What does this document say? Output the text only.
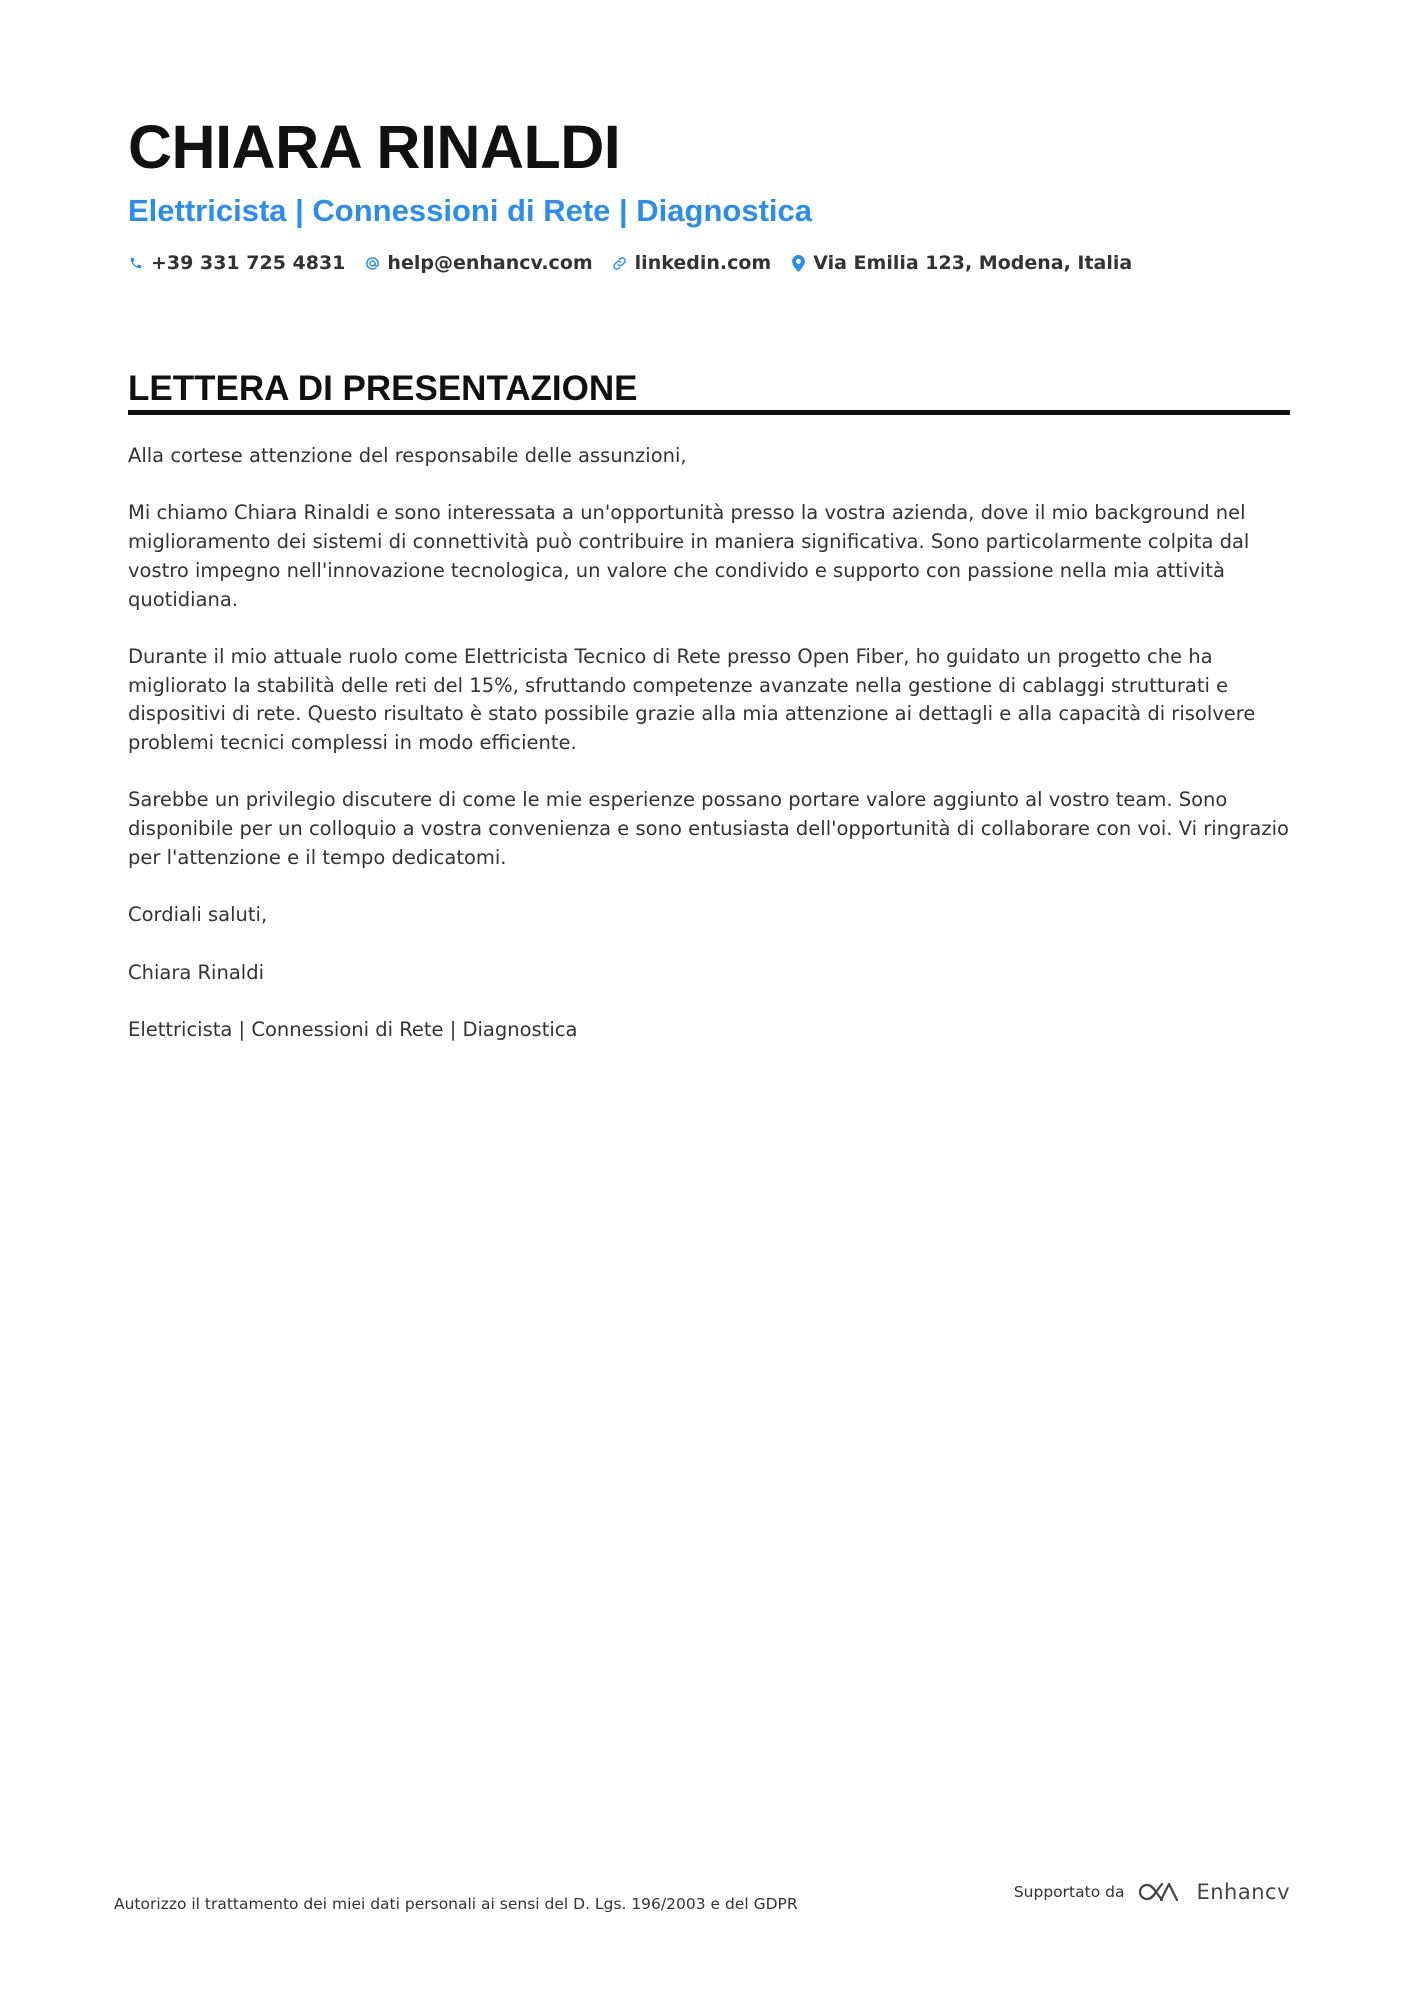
CHIARA RINALDI
Elettricista | Connessioni di Rete | Diagnostica
+39 331 725 4831 help@enhancv.com linkedin.com Via Emilia 123, Modena, Italia
LETTERA DI PRESENTAZIONE

Alla cortese attenzione del responsabile delle assunzioni,

Mi chiamo Chiara Rinaldi e sono interessata a un'opportunità presso la vostra azienda, dove il mio background nel miglioramento dei sistemi di connettività può contribuire in maniera significativa. Sono particolarmente colpita dal vostro impegno nell'innovazione tecnologica, un valore che condivido e supporto con passione nella mia attività quotidiana.

Durante il mio attuale ruolo come Elettricista Tecnico di Rete presso Open Fiber, ho guidato un progetto che ha migliorato la stabilità delle reti del 15%, sfruttando competenze avanzate nella gestione di cablaggi strutturati e dispositivi di rete. Questo risultato è stato possibile grazie alla mia attenzione ai dettagli e alla capacità di risolvere problemi tecnici complessi in modo efficiente.

Sarebbe un privilegio discutere di come le mie esperienze possano portare valore aggiunto al vostro team. Sono disponibile per un colloquio a vostra convenienza e sono entusiasta dell'opportunità di collaborare con voi. Vi ringrazio per l'attenzione e il tempo dedicatomi.

Cordiali saluti,

Chiara Rinaldi

Elettricista | Connessioni di Rete | Diagnostica

Autorizzo il trattamento dei miei dati personali ai sensi del D. Lgs. 196/2003 e del GDPR
Supportato da	Enhancv
